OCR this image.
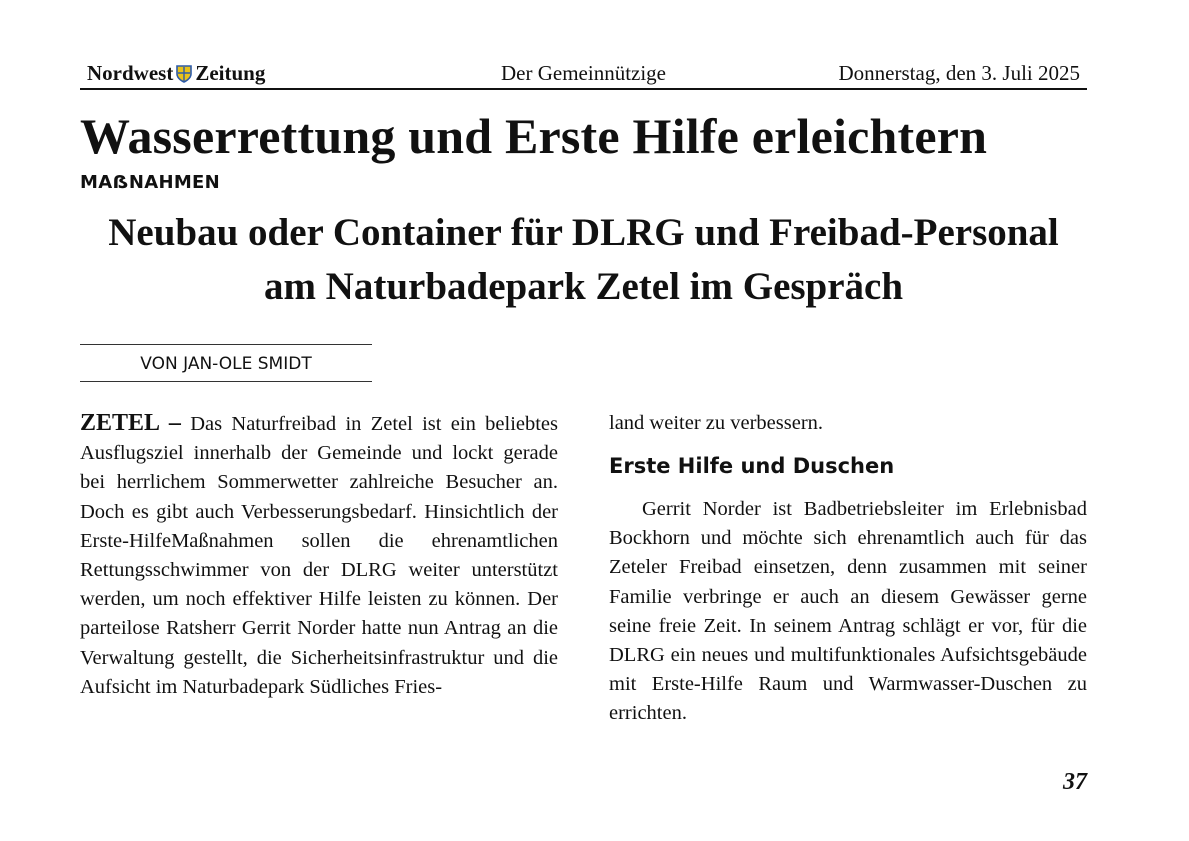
Nordwest Zeitung	Der Gemeinnützige	Donnerstag, den 3. Juli 2025
Wasserrettung und Erste Hilfe erleichtern
MAẞNAHMEN
Neubau oder Container für DLRG und Freibad-Personal am Naturbadepark Zetel im Gespräch
VON JAN-OLE SMIDT
ZETEL – Das Naturfreibad in Zetel ist ein beliebtes Ausflugsziel innerhalb der Gemeinde und lockt gerade bei herrlichem Sommerwetter zahlreiche Besucher an. Doch es gibt auch Verbesserungsbedarf. Hinsichtlich der Erste-HilfeMaßnahmen sollen die ehrenamtlichen Rettungsschwimmer von der DLRG weiter unterstützt werden, um noch effektiver Hilfe leisten zu können. Der parteilose Ratsherr Gerrit Norder hatte nun Antrag an die Verwaltung gestellt, die Sicherheitsinfrastruktur und die Aufsicht im Naturbadepark Südliches Fries-
land weiter zu verbessern.
Erste Hilfe und Duschen
Gerrit Norder ist Badbetriebsleiter im Erlebnisbad Bockhorn und möchte sich ehrenamtlich auch für das Zeteler Freibad einsetzen, denn zusammen mit seiner Familie verbringe er auch an diesem Gewässer gerne seine freie Zeit. In seinem Antrag schlägt er vor, für die DLRG ein neues und multifunktionales Aufsichtsgebäude mit Erste-Hilfe Raum und Warmwasser-Duschen zu errichten.
37
